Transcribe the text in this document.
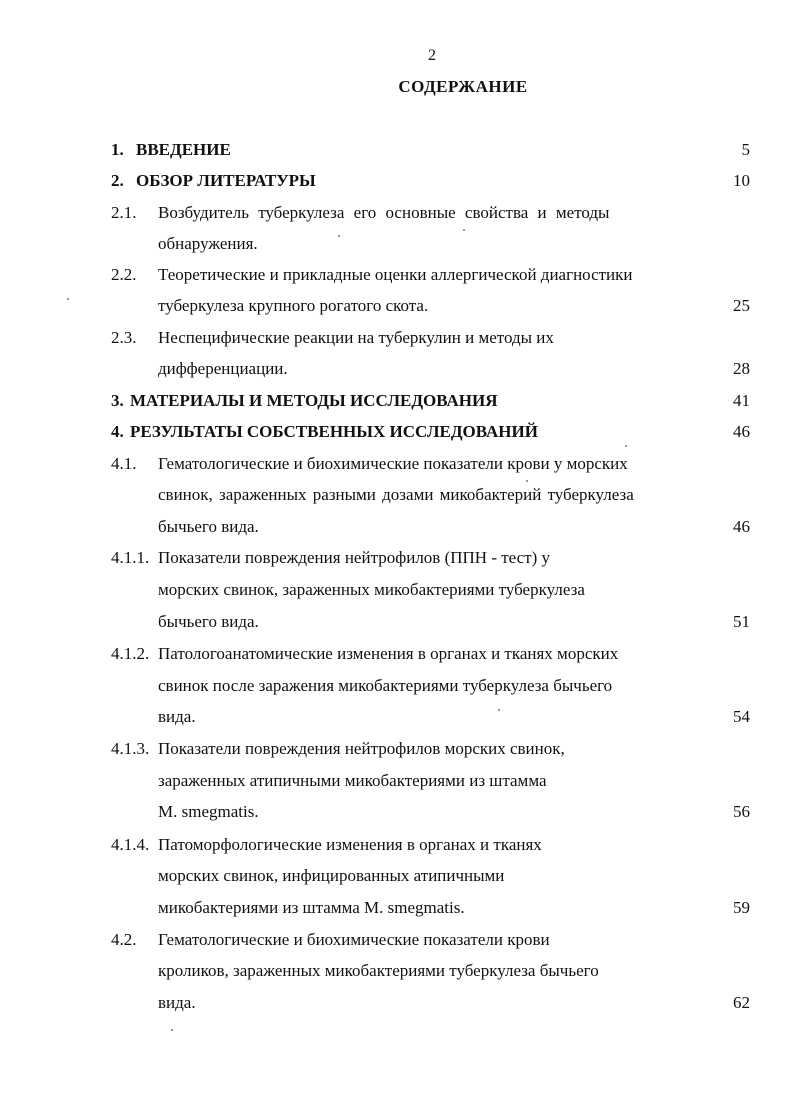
2
СОДЕРЖАНИЕ
1. ВВЕДЕНИЕ	5
2. ОБЗОР ЛИТЕРАТУРЫ	10
2.1. Возбудитель туберкулеза его основные свойства и методы
обнаружения.
2.2. Теоретические и прикладные оценки аллергической диагностики
туберкулеза крупного рогатого скота.	25
2.3. Неспецифические реакции на туберкулин и методы их
дифференциации.	28
3. МАТЕРИАЛЫ И МЕТОДЫ ИССЛЕДОВАНИЯ	41
4. РЕЗУЛЬТАТЫ СОБСТВЕННЫХ ИССЛЕДОВАНИЙ	46
4.1. Гематологические и биохимические показатели крови у морских
свинок, зараженных разными дозами микобактерий туберкулеза
бычьего вида.	46
4.1.1. Показатели повреждения нейтрофилов (ППН - тест) у
морских свинок, зараженных микобактериями туберкулеза
бычьего вида.	51
4.1.2. Патологоанатомические изменения в органах и тканях морских
свинок после заражения микобактериями туберкулеза бычьего
вида.	54
4.1.3. Показатели повреждения нейтрофилов морских свинок,
зараженных атипичными микобактериями из штамма
M. smegmatis.	56
4.1.4. Патоморфологические изменения в органах и тканях
морских свинок, инфицированных атипичными
микобактериями из штамма M. smegmatis.	59
4.2. Гематологические и биохимические показатели крови
кроликов, зараженных микобактериями туберкулеза бычьего
вида.	62
